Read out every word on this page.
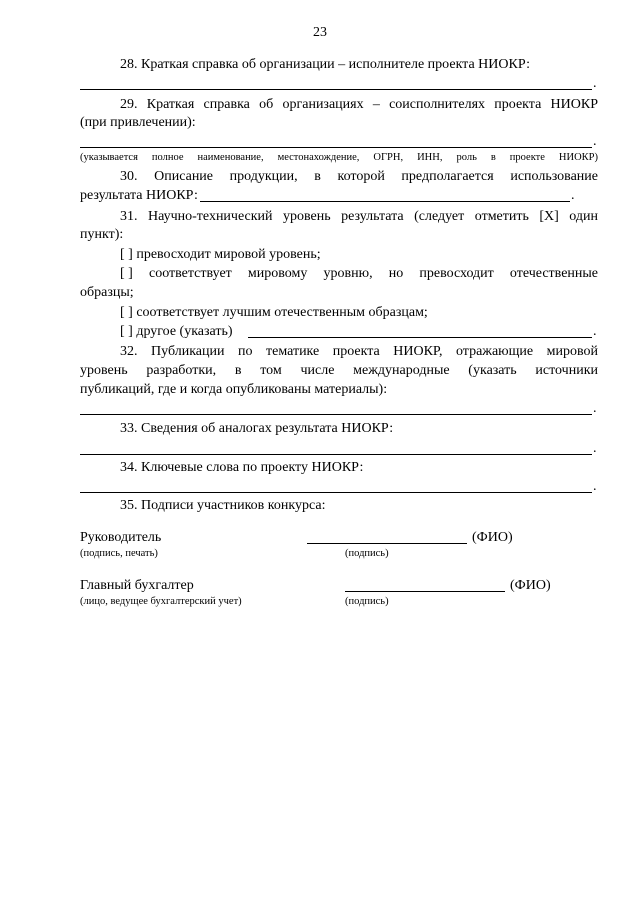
23
28. Краткая справка об организации – исполнителе проекта НИОКР:
.
29. Краткая справка об организациях – соисполнителях проекта НИОКР
(при привлечении):
.
(указывается полное наименование, местонахождение, ОГРН, ИНН, роль в проекте НИОКР)
30. Описание продукции, в которой предполагается использование
результата НИОКР:	.
31. Научно-технический уровень результата (следует отметить [X] один
пункт):
[ ] превосходит мировой уровень;
[ ] соответствует мировому уровню, но превосходит отечественные
образцы;
[ ] соответствует лучшим отечественным образцам;
[ ] другое (указать)	.
32. Публикации по тематике проекта НИОКР, отражающие мировой
уровень разработки, в том числе международные (указать источники
публикаций, где и когда опубликованы материалы):
.
33. Сведения об аналогах результата НИОКР:
.
34. Ключевые слова по проекту НИОКР:
.
35. Подписи участников конкурса:
Руководитель
(подпись, печать)
(ФИО)
(подпись)
Главный бухгалтер
(лицо, ведущее бухгалтерский учет)
(ФИО)
(подпись)
